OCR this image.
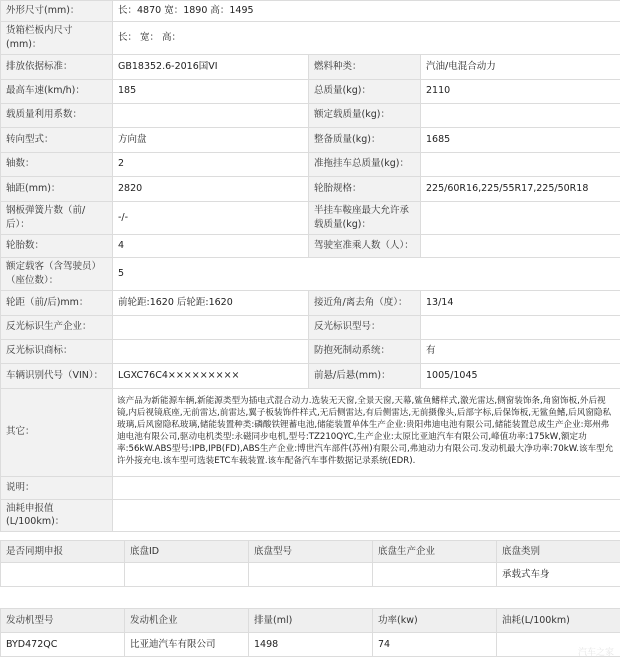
外形尺寸(mm)：	长：4870 宽：1890 高：1495		
货箱栏板内尺寸(mm)：	长： 宽： 高：		
排放依据标准：	GB18352.6-2016国VI	燃料种类：	汽油/电混合动力
最高车速(km/h)：	185	总质量(kg)：	2110
载质量利用系数：		额定载质量(kg)：	
转向型式：	方向盘	整备质量(kg)：	1685
轴数：	2	准拖挂车总质量(kg)：	
轴距(mm)：	2820	轮胎规格：	225/60R16,225/55R17,225/50R18
钢板弹簧片数（前/后）：	-/-	半挂车鞍座最大允许承载质量(kg)：	
轮胎数：	4	驾驶室准乘人数（人）：	
额定载客（含驾驶员）（座位数）：	5		
轮距（前/后)mm：	前轮距:1620 后轮距:1620	接近角/离去角（度）：	13/14
反光标识生产企业：		反光标识型号：	
反光标识商标：		防抱死制动系统：	有
车辆识别代号（VIN）：	LGXC76C4×××××××××	前悬/后悬(mm)：	1005/1045
其它：	该产品为新能源车辆,新能源类型为插电式混合动力.选装无天窗,全景天窗,天幕,鲨鱼鳍样式,激光雷达,侧窗装饰条,角窗饰板,外后视镜,内后视镜底座,无前雷达,前雷达,翼子板装饰件样式,无后侧雷达,有后侧雷达,无前摄像头,后部字标,后保饰板,无鲨鱼鳍,后风窗隐私玻璃,后风窗隐私玻璃,储能装置种类:磷酸铁锂蓄电池,储能装置单体生产企业:贵阳弗迪电池有限公司,储能装置总成生产企业:郑州弗迪电池有限公司,驱动电机类型:永磁同步电机,型号:TZ210QYC,生产企业:太原比亚迪汽车有限公司,峰值功率:175kW,额定功率:56kW.ABS型号:IPB,IPB(FD),ABS生产企业:博世汽车部件(苏州)有限公司,弗迪动力有限公司.发动机最大净功率:70kW.该车型允许外接充电.该车型可选装ETC车载装置.该车配备汽车事件数据记录系统(EDR).		
说明：			
油耗申报值(L/100km)：			
是否同期申报	底盘ID	底盘型号	底盘生产企业	底盘类别
				承载式车身
发动机型号	发动机企业	排量(ml)	功率(kw)	油耗(L/100km)
BYD472QC	比亚迪汽车有限公司	1498	74	
汽车之家
